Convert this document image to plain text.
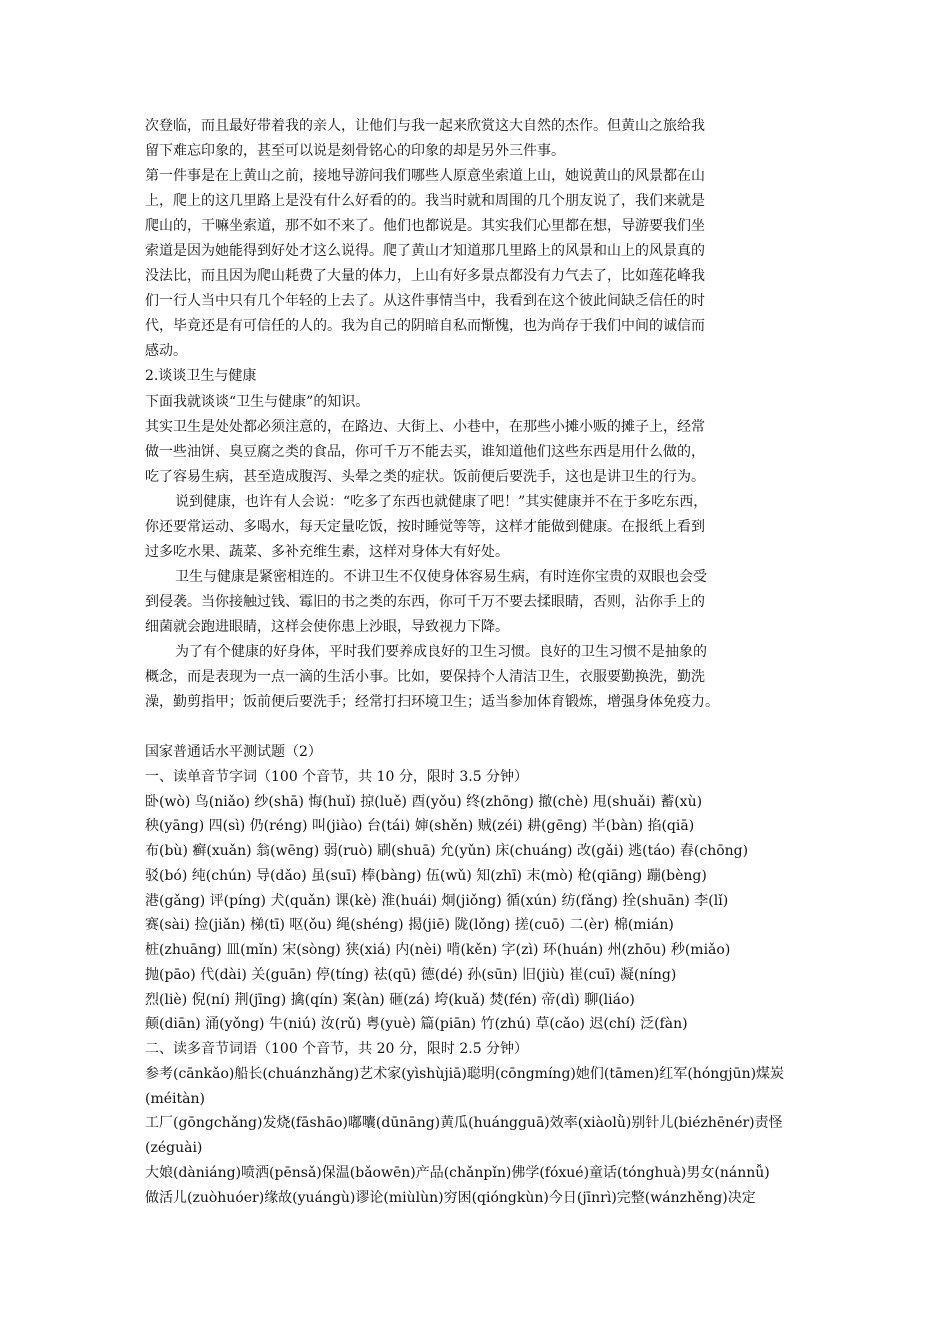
次登临，而且最好带着我的亲人，让他们与我一起来欣赏这大自然的杰作。但黄山之旅给我
留下难忘印象的，甚至可以说是刻骨铭心的印象的却是另外三件事。
第一件事是在上黄山之前，接地导游问我们哪些人原意坐索道上山，她说黄山的风景都在山
上，爬上的这几里路上是没有什么好看的的。我当时就和周围的几个朋友说了，我们来就是
爬山的，干嘛坐索道，那不如不来了。他们也都说是。其实我们心里都在想，导游要我们坐
索道是因为她能得到好处才这么说得。爬了黄山才知道那几里路上的风景和山上的风景真的
没法比，而且因为爬山耗费了大量的体力，上山有好多景点都没有力气去了，比如莲花峰我
们一行人当中只有几个年轻的上去了。从这件事情当中，我看到在这个彼此间缺乏信任的时
代，毕竟还是有可信任的人的。我为自己的阴暗自私而惭愧，也为尚存于我们中间的诚信而
感动。
2.谈谈卫生与健康
下面我就谈谈“卫生与健康”的知识。
其实卫生是处处都必须注意的，在路边、大街上、小巷中，在那些小摊小贩的摊子上，经常
做一些油饼、臭豆腐之类的食品，你可千万不能去买，谁知道他们这些东西是用什么做的，
吃了容易生病，甚至造成腹泻、头晕之类的症状。饭前便后要洗手，这也是讲卫生的行为。
说到健康，也许有人会说：“吃多了东西也就健康了吧！”其实健康并不在于多吃东西，
你还要常运动、多喝水，每天定量吃饭，按时睡觉等等，这样才能做到健康。在报纸上看到
过多吃水果、蔬菜、多补充维生素，这样对身体大有好处。
卫生与健康是紧密相连的。不讲卫生不仅使身体容易生病，有时连你宝贵的双眼也会受
到侵袭。当你接触过钱、霉旧的书之类的东西，你可千万不要去揉眼睛，否则，沾你手上的
细菌就会跑进眼睛，这样会使你患上沙眼，导致视力下降。
为了有个健康的好身体，平时我们要养成良好的卫生习惯。良好的卫生习惯不是抽象的
概念，而是表现为一点一滴的生活小事。比如，要保持个人清洁卫生，衣服要勤换洗，勤洗
澡，勤剪指甲；饭前便后要洗手；经常打扫环境卫生；适当参加体育锻炼，增强身体免疫力。
国家普通话水平测试题（2）
一、读单音节字词（100 个音节，共 10 分，限时 3.5 分钟）
卧(wò) 鸟(niǎo) 纱(shā) 悔(huǐ) 掠(luě) 酉(yǒu) 终(zhōng) 撤(chè) 甩(shuǎi) 蓄(xù)
秧(yāng) 四(sì) 仍(réng) 叫(jiào) 台(tái) 婶(shěn) 贼(zéi) 耕(gēng) 半(bàn) 掐(qiā)
布(bù) 癣(xuǎn) 翁(wēng) 弱(ruò) 刷(shuā) 允(yǔn) 床(chuáng) 改(gǎi) 逃(táo) 舂(chōng)
驳(bó) 纯(chún) 导(dǎo) 虽(suī) 棒(bàng) 伍(wǔ) 知(zhī) 末(mò) 枪(qiāng) 蹦(bèng)
港(gǎng) 评(píng) 犬(quǎn) 课(kè) 淮(huái) 炯(jiǒng) 循(xún) 纺(fǎng) 拴(shuān) 李(lǐ)
赛(sài) 捡(jiǎn) 梯(tī) 呕(ǒu) 绳(shéng) 揭(jiē) 陇(lǒng) 搓(cuō) 二(èr) 棉(mián)
桩(zhuāng) 皿(mǐn) 宋(sòng) 狭(xiá) 内(nèi) 啃(kěn) 字(zì) 环(huán) 州(zhōu) 秒(miǎo)
抛(pāo) 代(dài) 关(guān) 停(tíng) 祛(qū) 德(dé) 孙(sūn) 旧(jiù) 崔(cuī) 凝(níng)
烈(liè) 倪(ní) 荆(jīng) 擒(qín) 案(àn) 砸(zá) 垮(kuǎ) 焚(fén) 帝(dì) 聊(liáo)
颠(diān) 涌(yǒng) 牛(niú) 汝(rǔ) 粤(yuè) 篇(piān) 竹(zhú) 草(cǎo) 迟(chí) 泛(fàn)
二、读多音节词语（100 个音节，共 20 分，限时 2.5 分钟）
参考(cānkǎo)船长(chuánzhǎng)艺术家(yìshùjiā)聪明(cōngmíng)她们(tāmen)红军(hóngjūn)煤炭
(méitàn)
工厂(gōngchǎng)发烧(fāshāo)嘟囔(dūnāng)黄瓜(huángguā)效率(xiàolǜ)别针儿(biézhēnér)责怪
(zéguài)
大娘(dàniáng)喷洒(pēnsǎ)保温(bǎowēn)产品(chǎnpǐn)佛学(fóxué)童话(tónghuà)男女(nánnǚ)
做活儿(zuòhuóer)缘故(yuángù)谬论(miùlùn)穷困(qióngkùn)今日(jīnrì)完整(wánzhěng)决定
